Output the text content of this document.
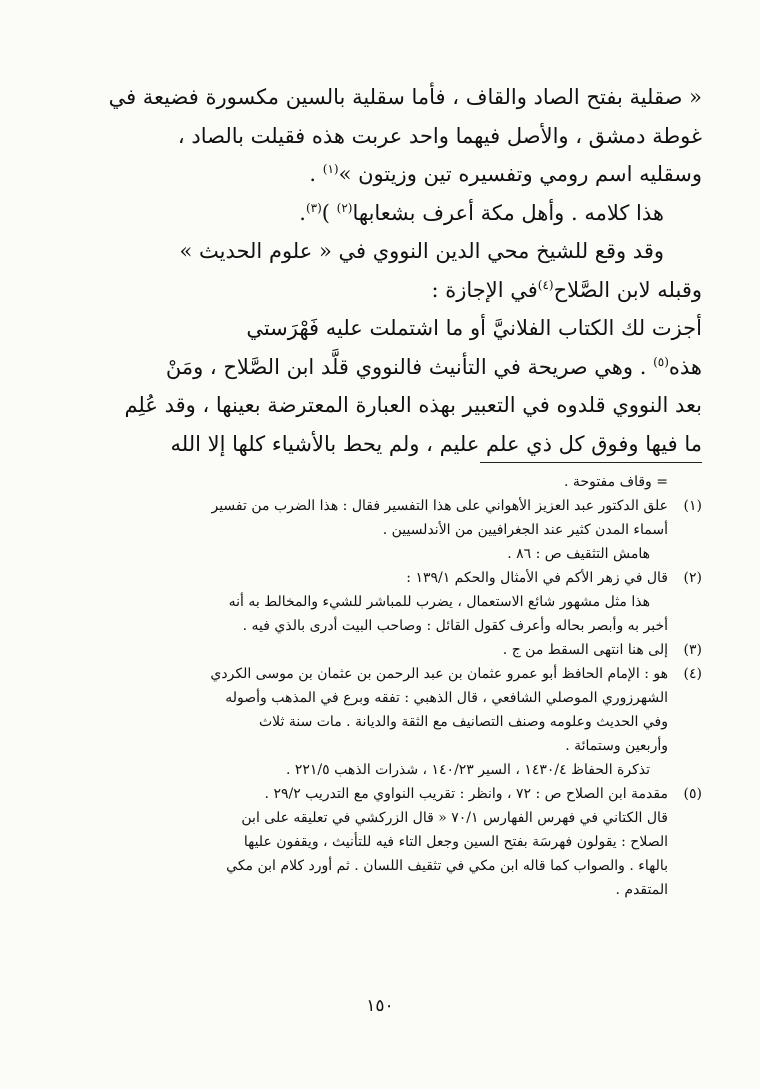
« صقلية بفتح الصاد والقاف ، فأما سقلية بالسين مكسورة فضيعة في

غوطة دمشق ، والأصل فيهما واحد عربت هذه فقيلت بالصاد ،

وسقليه اسم رومي وتفسيره تين وزيتون »$^{(١)}$ .

هذا كلامه . وأهل مكة أعرف بشعابها$^{(٢)}$ )$^{(٣)}$.

وقد وقع للشيخ محي الدين النووي في « علوم الحديث »

وقبله لابن الصَّلاح$^{(٤)}$في الإجازة :

أجزت لك الكتاب الفلانيَّ أو ما اشتملت عليه فَهْرَستي

هذه$^{(٥)}$ . وهي صريحة في التأنيث فالنووي قلَّد ابن الصَّلاح ، ومَنْ

بعد النووي قلدوه في التعبير بهذه العبارة المعترضة بعينها ، وقد عُلِم

ما فيها وفوق كل ذي علم عليم ، ولم يحط بالأشياء كلها إلا الله

= وقاف مفتوحة .

(١)

علق الدكتور عبد العزيز الأهواني على هذا التفسير فقال : هذا الضرب من تفسير

أسماء المدن كثير عند الجغرافيين من الأندلسيين .

هامش التثقيف ص : ٨٦ .

(٢)

قال في زهر الأكم في الأمثال والحكم ١٣٩/١ :

هذا مثل مشهور شائع الاستعمال ، يضرب للمباشر للشيء والمخالط به أنه

أخبر به وأبصر بحاله وأعرف كقول القائل : وصاحب البيت أدرى بالذي فيه .

(٣)

إلى هنا انتهى السقط من ج .

(٤)

هو : الإمام الحافظ أبو عمرو عثمان بن عبد الرحمن بن عثمان بن موسى الكردي

الشهرزوري الموصلي الشافعي ، قال الذهبي : تفقه وبرع في المذهب وأصوله

وفي الحديث وعلومه وصنف التصانيف مع الثقة والديانة . مات سنة ثلاث

وأربعين وستمائة .

تذكرة الحفاظ ١٤٣٠/٤ ، السير ١٤٠/٢٣ ، شذرات الذهب ٢٢١/٥ .

(٥)

مقدمة ابن الصلاح ص : ٧٢ ، وانظر : تقريب النواوي مع التدريب ٢٩/٢ .

قال الكتاني في فهرس الفهارس ٧٠/١ « قال الزركشي في تعليقه على ابن

الصلاح : يقولون فهرسَة بفتح السين وجعل التاء فيه للتأنيث ، ويقفون عليها

بالهاء . والصواب كما قاله ابن مكي في تثقيف اللسان . ثم أورد كلام ابن مكي

المتقدم .

١٥٠
